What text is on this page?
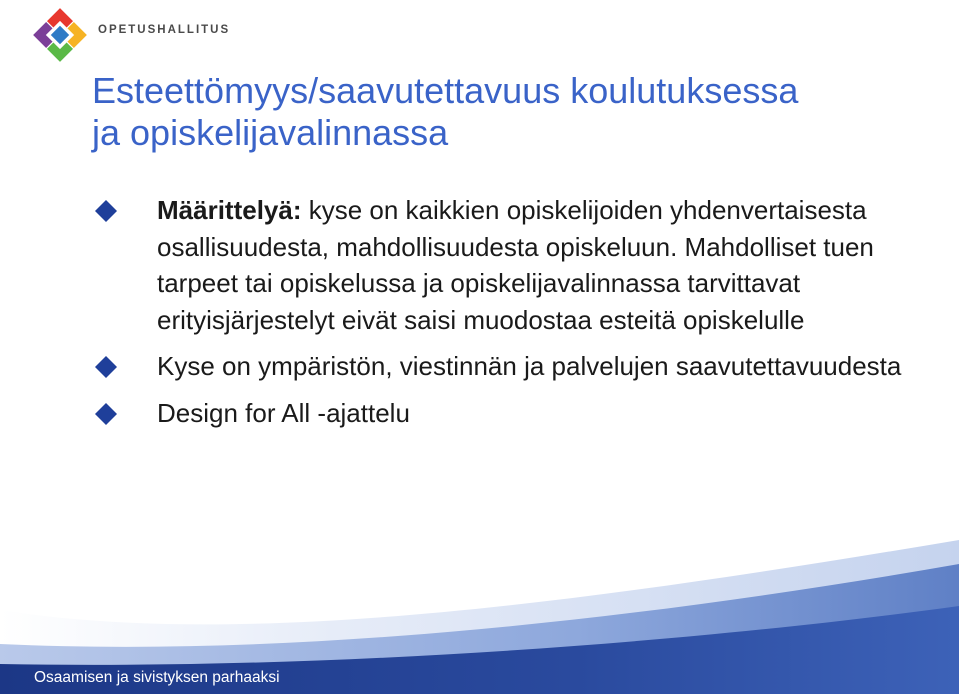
OPETUSHALLITUS
Esteettömyys/saavutettavuus koulutuksessa
ja opiskelijavalinnassa
Määrittelyä: kyse on kaikkien opiskelijoiden yhdenvertaisesta osallisuudesta, mahdollisuudesta opiskeluun. Mahdolliset tuen tarpeet tai opiskelussa ja opiskelijavalinnassa tarvittavat erityisjärjestelyt eivät saisi muodostaa esteitä opiskelulle
Kyse on ympäristön, viestinnän ja palvelujen saavutettavuudesta
Design for All -ajattelu
Osaamisen ja sivistyksen parhaaksi
